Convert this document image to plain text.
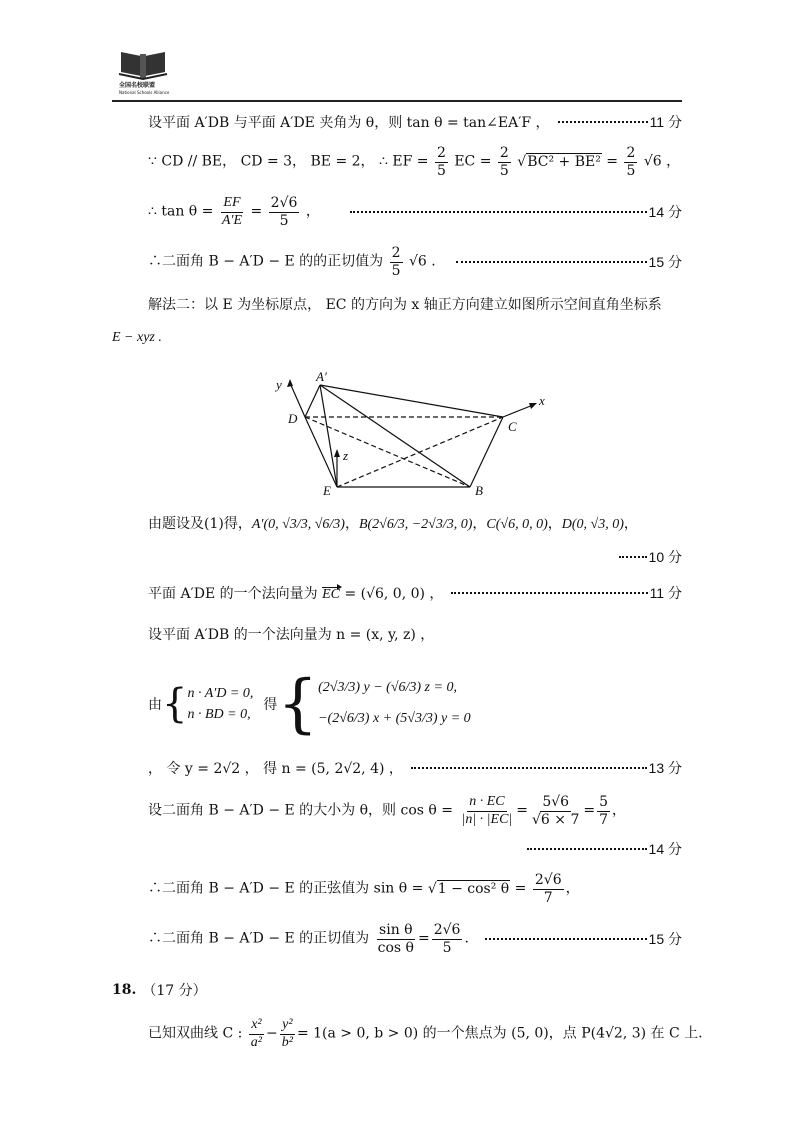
全国名校联盟
National Schools Alliance
设平面 A′DB 与平面 A′DE 夹角为 θ，则 tan θ = tan∠EA′F ，	11 分
∵ CD // BE， CD = 3， BE = 2， ∴ EF = $\frac{2}{5}$ EC = $\frac{2}{5} √BC^2 + BE^2 = \frac{2}{5} √6$ ，
∴ $\tan \theta = \frac{EF}{A'E} = \frac{2√6}{5}$ ，	14 分
∴二面角 B − A′D − E 的的正切值为 $\frac{2}{5} √6$ .	15 分
解法二：以 E 为坐标原点， EC 的方向为 x 轴正方向建立如图所示空间直角坐标系
E − xyz .
A′
D
C
E	B
x
y
z
由题设及(1)得，A′(0, √3/3, √6/3)，B(2√6/3, −2√3/3, 0)，C(√6, 0, 0)，D(0, √3, 0)，
10 分
平面 A′DE 的一个法向量为 EC = (√6, 0, 0) ，	11 分
设平面 A′DB 的一个法向量为 n = (x, y, z) ，
由 { n · A′D = 0,
n · BD = 0,
得 { (2√3/3) y − (√6/3) z = 0,
−(2√6/3) x + (5√3/3) y = 0
， 令 y = 2√2 ， 得 n = (5, 2√2, 4) ，	13 分
设二面角 B − A′D − E 的大小为 θ，则 $\cos \theta = \frac{n \cdot EC}{|n| \cdot |EC|} = \frac{5√6}{√6 \times 7} = \frac{5}{7}$ ，
14 分
∴二面角 B − A′D − E 的正弦值为 sin θ = √1 − cos² $\theta = \frac{2√6}{7}$ ，
∴二面角 B − A′D − E 的正切值为 $\frac{\text{sin θ}}{\text{cos θ}} = \frac{2√6}{5}$ .	15 分
18. （17 分）
已知双曲线 C : $\frac{\text{x²}}{\text{a²}} - \frac{\text{y²}}{\text{b²}} = 1(a > 0$, b > 0) 的一个焦点为 (5, 0)，点 P(4√2, 3) 在 C 上.
